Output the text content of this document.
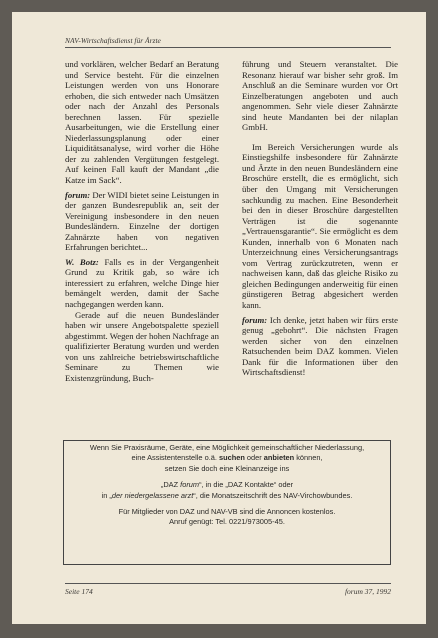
NAV-Wirtschaftsdienst für Ärzte

und vorklären, welcher Bedarf an Beratung und Service besteht. Für die einzelnen Leistungen werden von uns Honorare erhoben, die sich entweder nach Umsätzen oder nach der Anzahl des Personals berechnen lassen. Für spezielle Ausarbeitungen, wie die Erstellung einer Niederlassungsplanung oder einer Liquiditätsanalyse, wird vorher die Höhe der zu zahlenden Vergütungen festgelegt. Auf keinen Fall kauft der Mandant „die Katze im Sack“.

forum: Der WIDI bietet seine Leistungen in der ganzen Bundesrepublik an, seit der Vereinigung insbesondere in den neuen Bundesländern. Einzelne der dortigen Zahnärzte haben von negativen Erfahrungen berichtet...

W. Botz: Falls es in der Vergangenheit Grund zu Kritik gab, so wäre ich interessiert zu erfahren, welche Dinge hier bemängelt werden, damit der Sache nachgegangen werden kann.

Gerade auf die neuen Bundesländer haben wir unsere Angebotspalette speziell abgestimmt. Wegen der hohen Nachfrage an qualifizierter Beratung wurden und werden von uns zahlreiche betriebswirtschaftliche Seminare zu Themen wie Existenzgründung, Buch-

führung und Steuern veranstaltet. Die Resonanz hierauf war bisher sehr groß. Im Anschluß an die Seminare wurden vor Ort Einzelberatungen angeboten und auch angenommen. Sehr viele dieser Zahnärzte sind heute Mandanten bei der nilaplan GmbH.

Im Bereich Versicherungen wurde als Einstiegshilfe insbesondere für Zahnärzte und Ärzte in den neuen Bundesländern eine Broschüre erstellt, die es ermöglicht, sich über den Umgang mit Versicherungen sachkundig zu machen. Eine Besonderheit bei den in dieser Broschüre dargestellten Verträgen ist die sogenannte „Vertrauensgarantie“. Sie ermöglicht es dem Kunden, innerhalb von 6 Monaten nach Unterzeichnung eines Versicherungsantrags vom Vertrag zurückzutreten, wenn er nachweisen kann, daß das gleiche Risiko zu gleichen Bedingungen anderweitig für einen günstigeren Betrag abgesichert werden kann.

forum: Ich denke, jetzt haben wir fürs erste genug „gebohrt“. Die nächsten Fragen werden sicher von den einzelnen Ratsuchenden beim DAZ kommen. Vielen Dank für die Informationen über den Wirtschaftsdienst!

Wenn Sie Praxisräume, Geräte, eine Möglichkeit gemeinschaftlicher Niederlassung,
eine Assistentenstelle o.ä. suchen oder anbieten können,
setzen Sie doch eine Kleinanzeige ins
„DAZ forum“, in die „DAZ Kontakte“ oder
in „der niedergelassene arzt“, die Monatszeitschrift des NAV-Virchowbundes.
Für Mitglieder von DAZ und NAV-VB sind die Annoncen kostenlos.
Anruf genügt: Tel. 0221/973005-45.
Seite 174	forum 37, 1992
